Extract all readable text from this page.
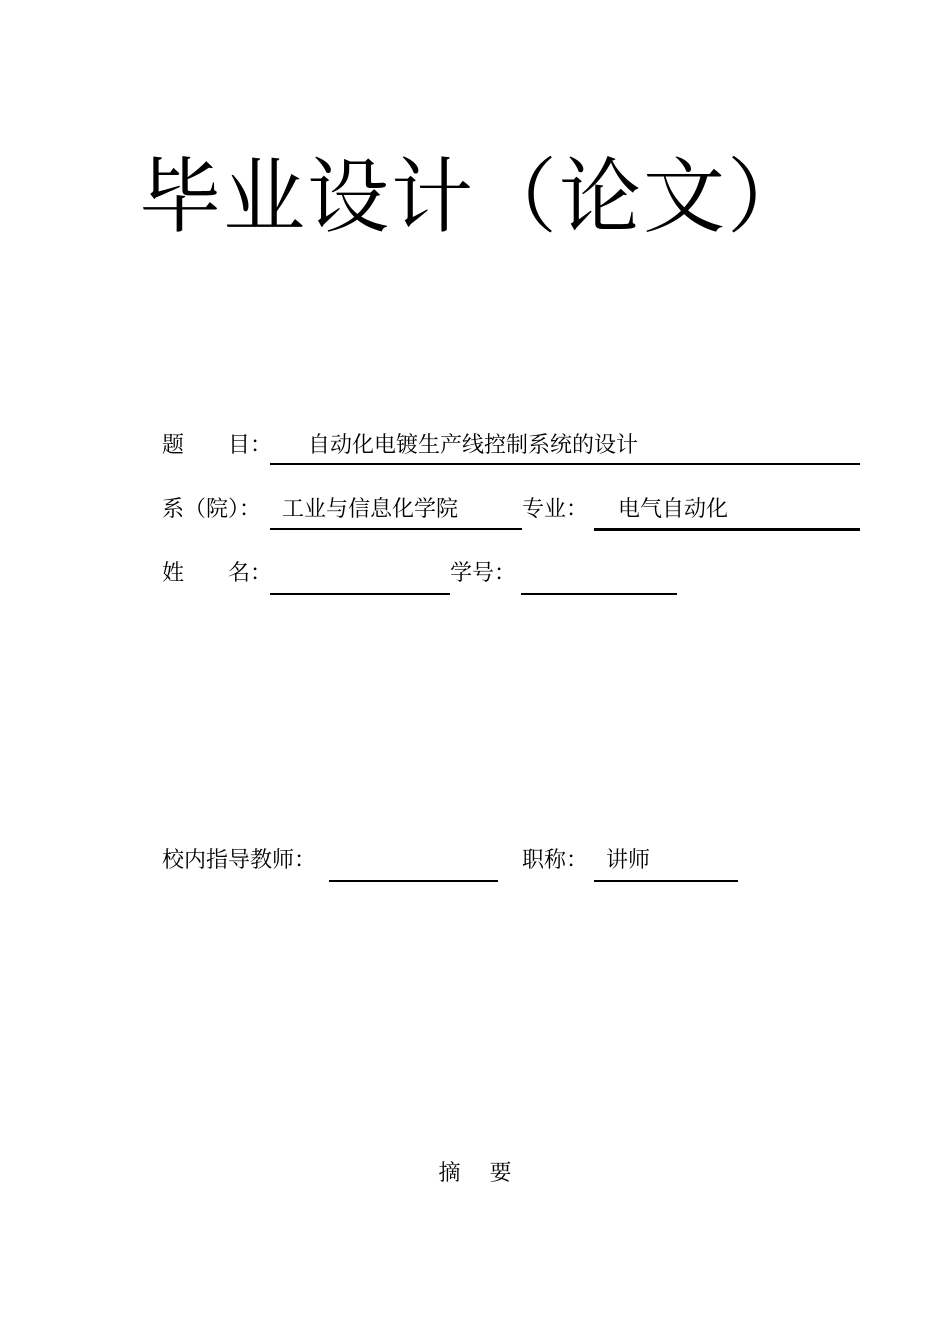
毕业设计（论文）
题　　目： 自动化电镀生产线控制系统的设计
系（院）： 工业与信息化学院	专业： 电气自动化
姓　　名：	学号：
校内指导教师：	职称： 讲师
摘　 要
